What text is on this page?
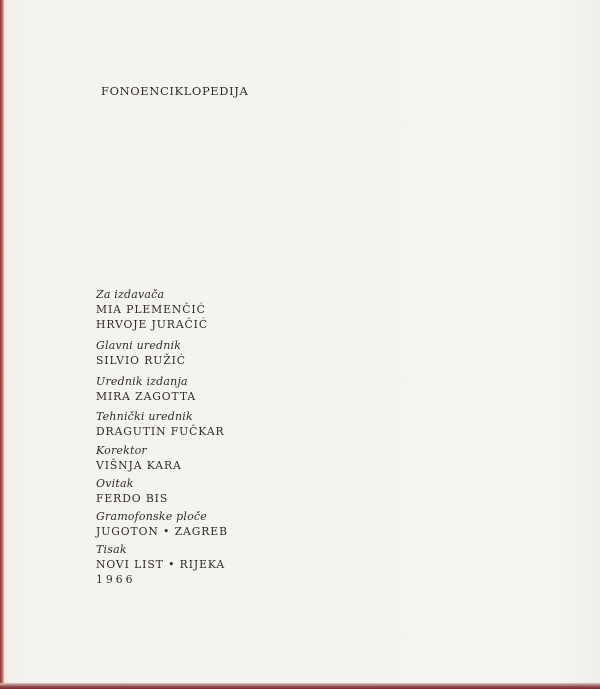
FONOENCIKLOPEDIJA
Za izdavača
MIA PLEMENČIĆ
HRVOJE JURAČIĆ
Glavni urednik
SILVIO RUŽIĆ
Urednik izdanja
MIRA ZAGOTTA
Tehnički urednik
DRAGUTIN FUČKAR
Korektor
VIŠNJA KARA
Ovitak
FERDO BIS
Gramofonske ploče
JUGOTON • ZAGREB
Tisak
NOVI LIST • RIJEKA
1966
